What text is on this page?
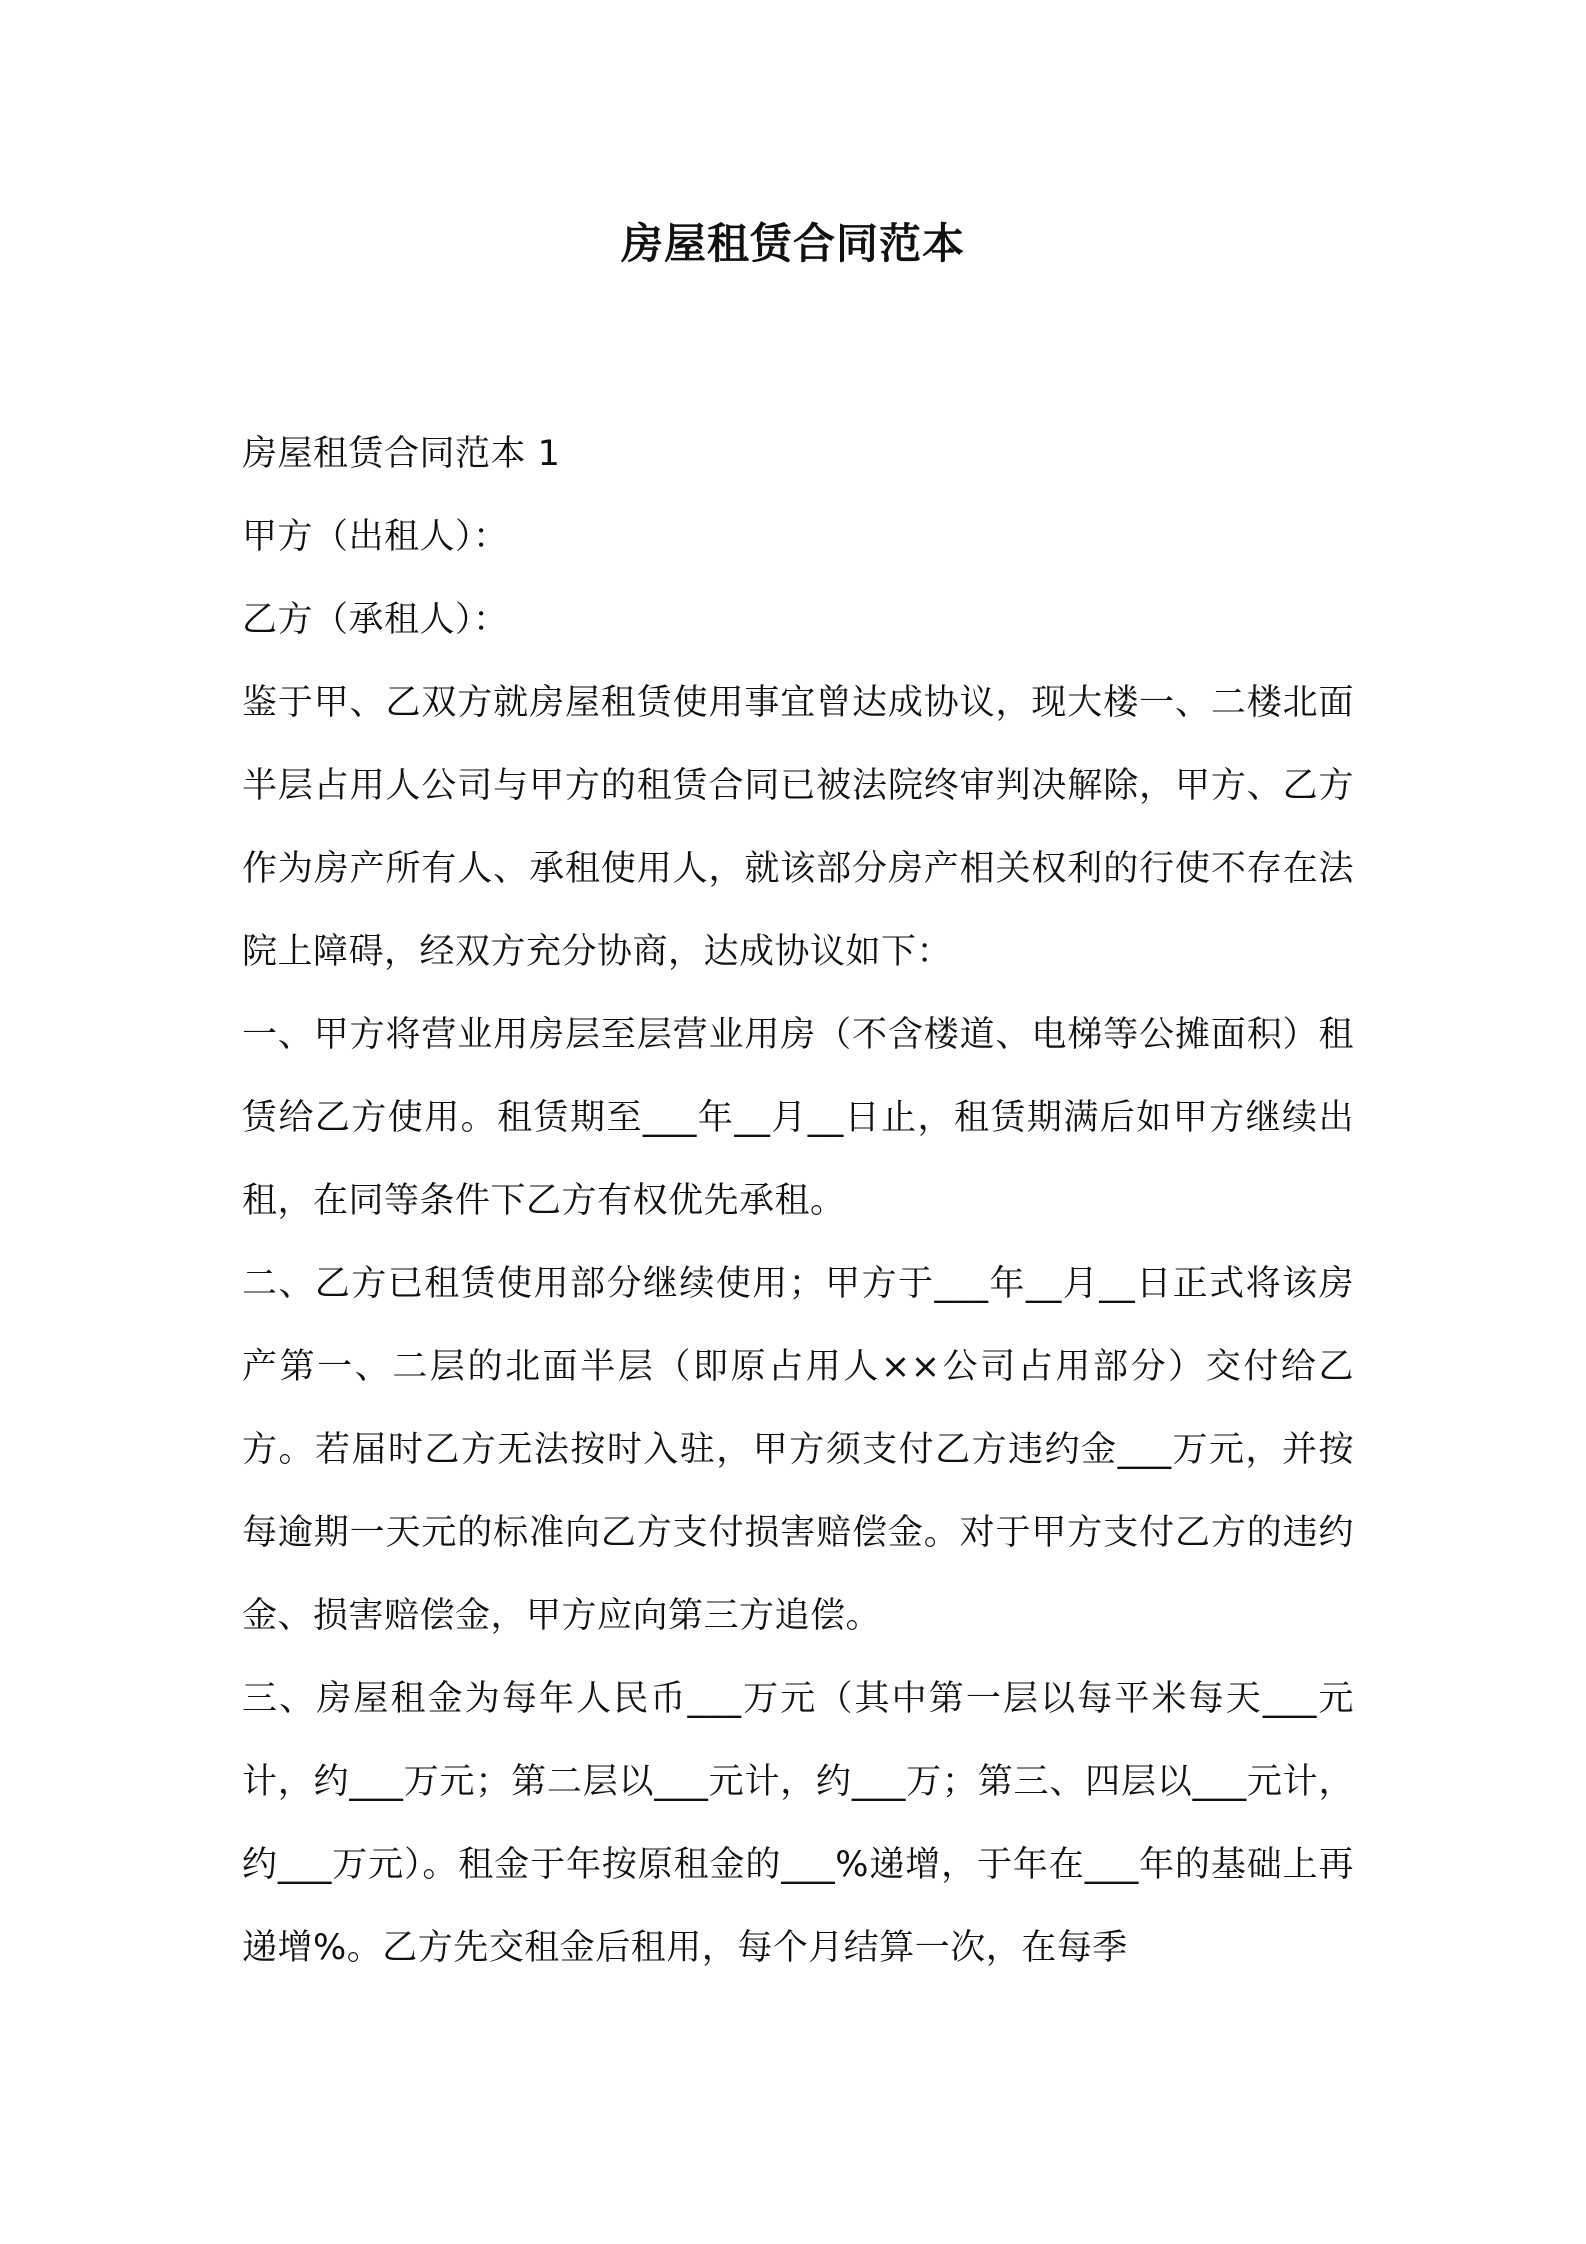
房屋租赁合同范本

房屋租赁合同范本 1

甲方（出租人）：

乙方（承租人）：

鉴于甲、乙双方就房屋租赁使用事宜曾达成协议，现大楼一、二楼北面半层占用人公司与甲方的租赁合同已被法院终审判决解除，甲方、乙方作为房产所有人、承租使用人，就该部分房产相关权利的行使不存在法院上障碍，经双方充分协商，达成协议如下：

一、甲方将营业用房层至层营业用房（不含楼道、电梯等公摊面积）租赁给乙方使用。租赁期至___年__月__日止，租赁期满后如甲方继续出租，在同等条件下乙方有权优先承租。

二、乙方已租赁使用部分继续使用；甲方于___年__月__日正式将该房产第一、二层的北面半层（即原占用人××公司占用部分）交付给乙方。若届时乙方无法按时入驻，甲方须支付乙方违约金___万元，并按每逾期一天元的标准向乙方支付损害赔偿金。对于甲方支付乙方的违约金、损害赔偿金，甲方应向第三方追偿。

三、房屋租金为每年人民币___万元（其中第一层以每平米每天___元计，约___万元；第二层以___元计，约___万；第三、四层以___元计，约___万元）。租金于年按原租金的___%递增，于年在___年的基础上再递增%。乙方先交租金后租用，每个月结算一次，在每季
